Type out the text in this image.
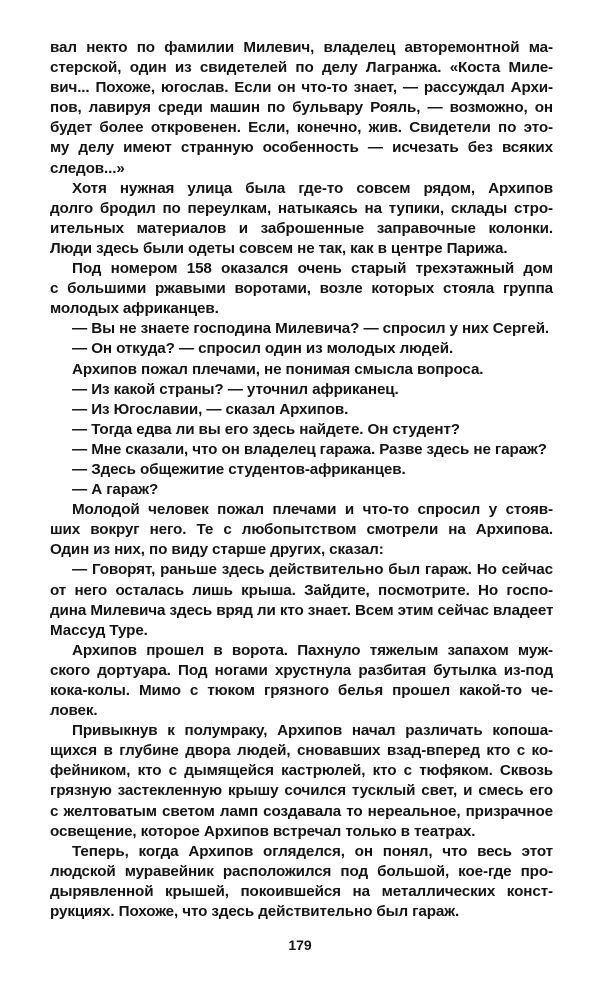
вал некто по фамилии Милевич, владелец авторемонтной ма-
стерской, один из свидетелей по делу Лагранжа. «Коста Миле-
вич... Похоже, югослав. Если он что-то знает, — рассуждал Архи-
пов, лавируя среди машин по бульвару Рояль, — возможно, он
будет более откровенен. Если, конечно, жив. Свидетели по это-
му делу имеют странную особенность — исчезать без всяких
следов...»
Хотя нужная улица была где-то совсем рядом, Архипов
долго бродил по переулкам, натыкаясь на тупики, склады стро-
ительных материалов и заброшенные заправочные колонки.
Люди здесь были одеты совсем не так, как в центре Парижа.
Под номером 158 оказался очень старый трехэтажный дом
с большими ржавыми воротами, возле которых стояла группа
молодых африканцев.
— Вы не знаете господина Милевича? — спросил у них Сергей.
— Он откуда? — спросил один из молодых людей.
Архипов пожал плечами, не понимая смысла вопроса.
— Из какой страны? — уточнил африканец.
— Из Югославии, — сказал Архипов.
— Тогда едва ли вы его здесь найдете. Он студент?
— Мне сказали, что он владелец гаража. Разве здесь не гараж?
— Здесь общежитие студентов-африканцев.
— А гараж?
Молодой человек пожал плечами и что-то спросил у стояв-
ших вокруг него. Те с любопытством смотрели на Архипова.
Один из них, по виду старше других, сказал:
— Говорят, раньше здесь действительно был гараж. Но сейчас
от него осталась лишь крыша. Зайдите, посмотрите. Но госпо-
дина Милевича здесь вряд ли кто знает. Всем этим сейчас владеет
Массуд Туре.
Архипов прошел в ворота. Пахнуло тяжелым запахом муж-
ского дортуара. Под ногами хрустнула разбитая бутылка из-под
кока-колы. Мимо с тюком грязного белья прошел какой-то че-
ловек.
Привыкнув к полумраку, Архипов начал различать копоша-
щихся в глубине двора людей, сновавших взад-вперед кто с ко-
фейником, кто с дымящейся кастрюлей, кто с тюфяком. Сквозь
грязную застекленную крышу сочился тусклый свет, и смесь его
с желтоватым светом ламп создавала то нереальное, призрачное
освещение, которое Архипов встречал только в театрах.
Теперь, когда Архипов огляделся, он понял, что весь этот
людской муравейник расположился под большой, кое-где про-
дырявленной крышей, покоившейся на металлических конст-
рукциях. Похоже, что здесь действительно был гараж.
179
